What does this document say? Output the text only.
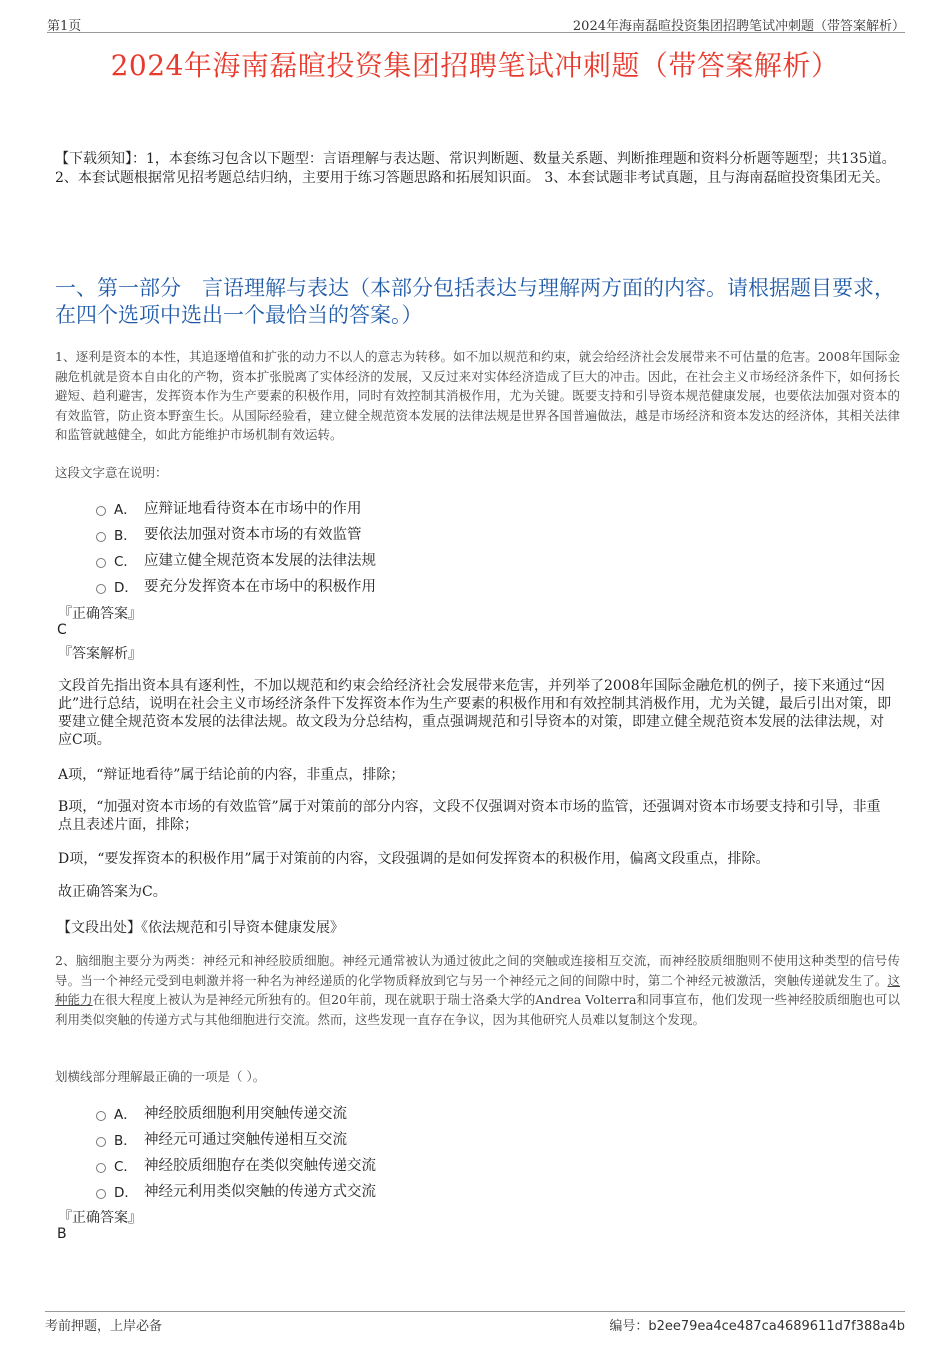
第1页	2024年海南磊暄投资集团招聘笔试冲刺题（带答案解析）
2024年海南磊暄投资集团招聘笔试冲刺题（带答案解析）
【下载须知】：1，本套练习包含以下题型：言语理解与表达题、常识判断题、数量关系题、判断推理题和资料分析题等题型；共135道。 2、本套试题根据常见招考题总结归纳，主要用于练习答题思路和拓展知识面。 3、本套试题非考试真题，且与海南磊暄投资集团无关。
一、第一部分　言语理解与表达（本部分包括表达与理解两方面的内容。请根据题目要求，在四个选项中选出一个最恰当的答案。）
1、逐利是资本的本性，其追逐增值和扩张的动力不以人的意志为转移。如不加以规范和约束，就会给经济社会发展带来不可估量的危害。2008年国际金融危机就是资本自由化的产物，资本扩张脱离了实体经济的发展，又反过来对实体经济造成了巨大的冲击。因此，在社会主义市场经济条件下，如何扬长避短、趋利避害，发挥资本作为生产要素的积极作用，同时有效控制其消极作用，尤为关键。既要支持和引导资本规范健康发展，也要依法加强对资本的有效监管，防止资本野蛮生长。从国际经验看，建立健全规范资本发展的法律法规是世界各国普遍做法，越是市场经济和资本发达的经济体，其相关法律和监管就越健全，如此方能维护市场机制有效运转。
这段文字意在说明：
A． 应辩证地看待资本在市场中的作用
B． 要依法加强对资本市场的有效监管
C． 应建立健全规范资本发展的法律法规
D． 要充分发挥资本在市场中的积极作用
『正确答案』
C
『答案解析』
文段首先指出资本具有逐利性，不加以规范和约束会给经济社会发展带来危害，并列举了2008年国际金融危机的例子，接下来通过“因此”进行总结，说明在社会主义市场经济条件下发挥资本作为生产要素的积极作用和有效控制其消极作用，尤为关键，最后引出对策，即要建立健全规范资本发展的法律法规。故文段为分总结构，重点强调规范和引导资本的对策，即建立健全规范资本发展的法律法规，对应C项。
A项，“辩证地看待”属于结论前的内容，非重点，排除；
B项，“加强对资本市场的有效监管”属于对策前的部分内容，文段不仅强调对资本市场的监管，还强调对资本市场要支持和引导，非重点且表述片面，排除；
D项，“要发挥资本的积极作用”属于对策前的内容，文段强调的是如何发挥资本的积极作用，偏离文段重点，排除。
故正确答案为C。
【文段出处】《依法规范和引导资本健康发展》
2、脑细胞主要分为两类：神经元和神经胶质细胞。神经元通常被认为通过彼此之间的突触或连接相互交流，而神经胶质细胞则不使用这种类型的信号传导。当一个神经元受到电刺激并将一种名为神经递质的化学物质释放到它与另一个神经元之间的间隙中时，第二个神经元被激活，突触传递就发生了。这种能力在很大程度上被认为是神经元所独有的。但20年前，现在就职于瑞士洛桑大学的Andrea Volterra和同事宣布，他们发现一些神经胶质细胞也可以利用类似突触的传递方式与其他细胞进行交流。然而，这些发现一直存在争议，因为其他研究人员难以复制这个发现。
划横线部分理解最正确的一项是（ ）。
A． 神经胶质细胞利用突触传递交流
B． 神经元可通过突触传递相互交流
C． 神经胶质细胞存在类似突触传递交流
D． 神经元利用类似突触的传递方式交流
『正确答案』
B
考前押题，上岸必备	编号：b2ee79ea4ce487ca4689611d7f388a4b
